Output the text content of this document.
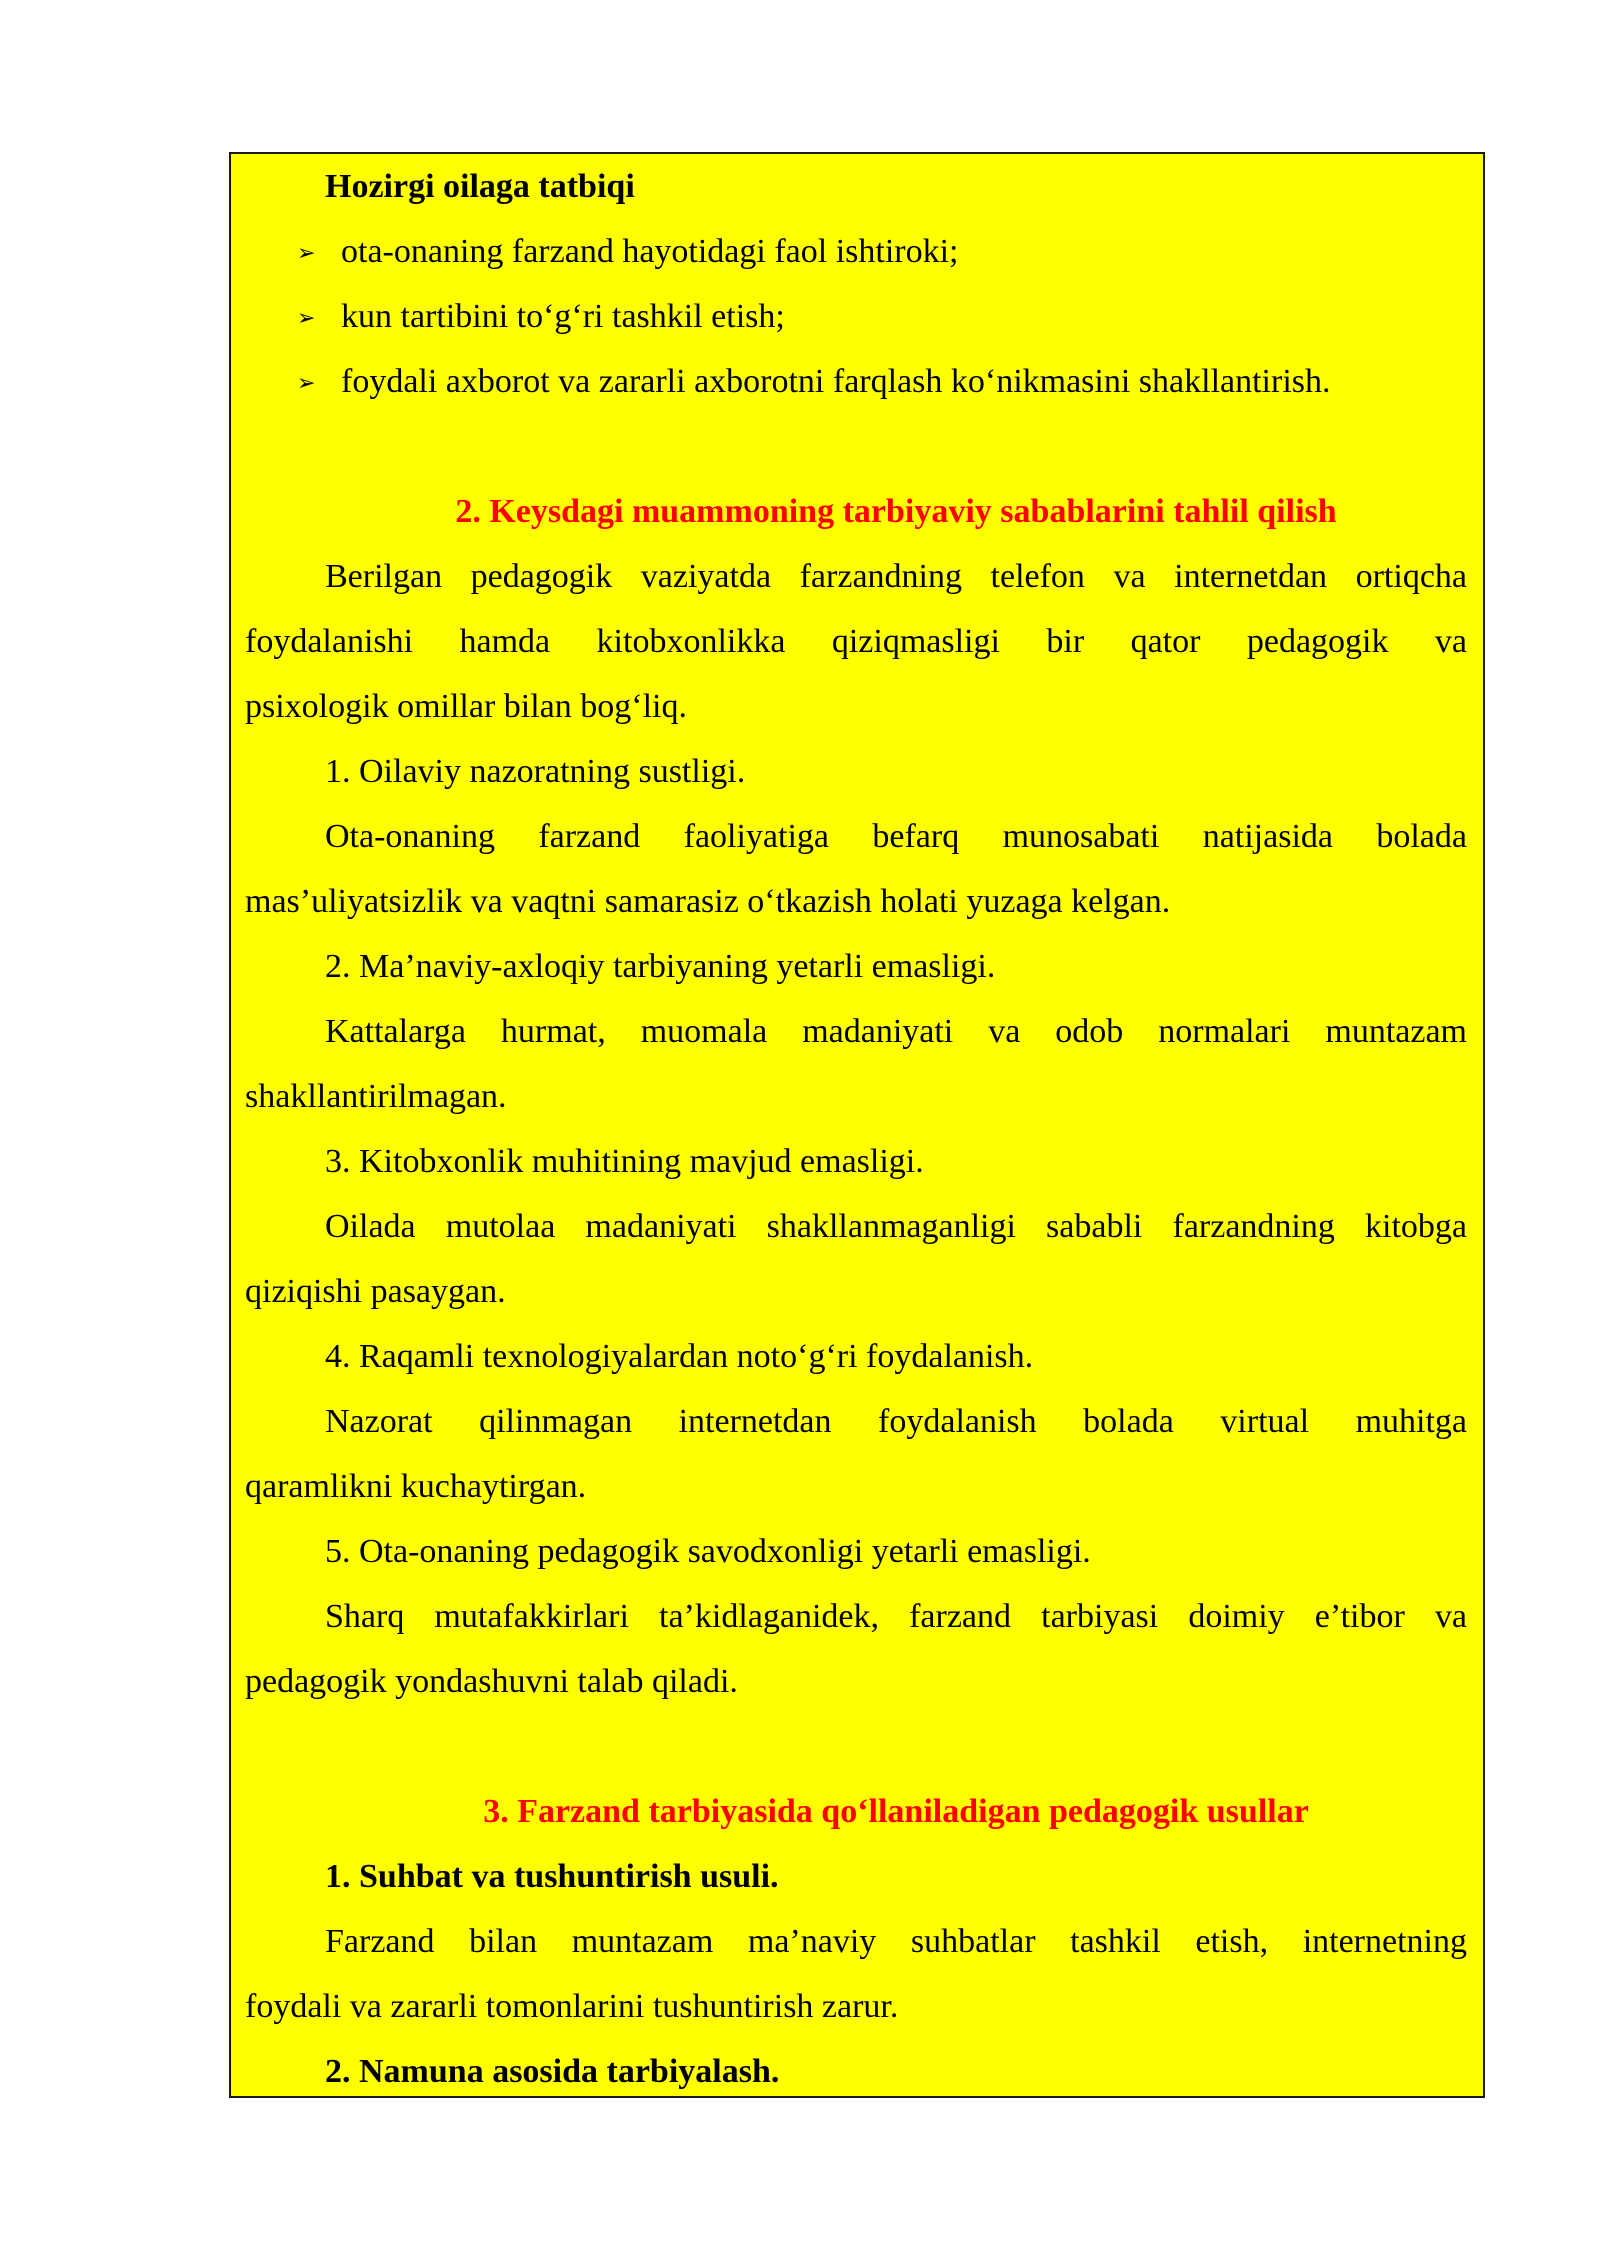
Hozirgi oilaga tatbiqi
➢ ota-onaning farzand hayotidagi faol ishtiroki;
➢ kun tartibini to‘g‘ri tashkil etish;
➢ foydali axborot va zararli axborotni farqlash ko‘nikmasini shakllantirish.
2. Keysdagi muammoning tarbiyaviy sabablarini tahlil qilish
Berilgan pedagogik vaziyatda farzandning telefon va internetdan ortiqcha
foydalanishi hamda kitobxonlikka qiziqmasligi bir qator pedagogik va
psixologik omillar bilan bog‘liq.
1. Oilaviy nazoratning sustligi.
Ota-onaning farzand faoliyatiga befarq munosabati natijasida bolada
mas’uliyatsizlik va vaqtni samarasiz o‘tkazish holati yuzaga kelgan.
2. Ma’naviy-axloqiy tarbiyaning yetarli emasligi.
Kattalarga hurmat, muomala madaniyati va odob normalari muntazam
shakllantirilmagan.
3. Kitobxonlik muhitining mavjud emasligi.
Oilada mutolaa madaniyati shakllanmaganligi sababli farzandning kitobga
qiziqishi pasaygan.
4. Raqamli texnologiyalardan noto‘g‘ri foydalanish.
Nazorat qilinmagan internetdan foydalanish bolada virtual muhitga
qaramlikni kuchaytirgan.
5. Ota-onaning pedagogik savodxonligi yetarli emasligi.
Sharq mutafakkirlari ta’kidlaganidek, farzand tarbiyasi doimiy e’tibor va
pedagogik yondashuvni talab qiladi.
3. Farzand tarbiyasida qo‘llaniladigan pedagogik usullar
1. Suhbat va tushuntirish usuli.
Farzand bilan muntazam ma’naviy suhbatlar tashkil etish, internetning
foydali va zararli tomonlarini tushuntirish zarur.
2. Namuna asosida tarbiyalash.
